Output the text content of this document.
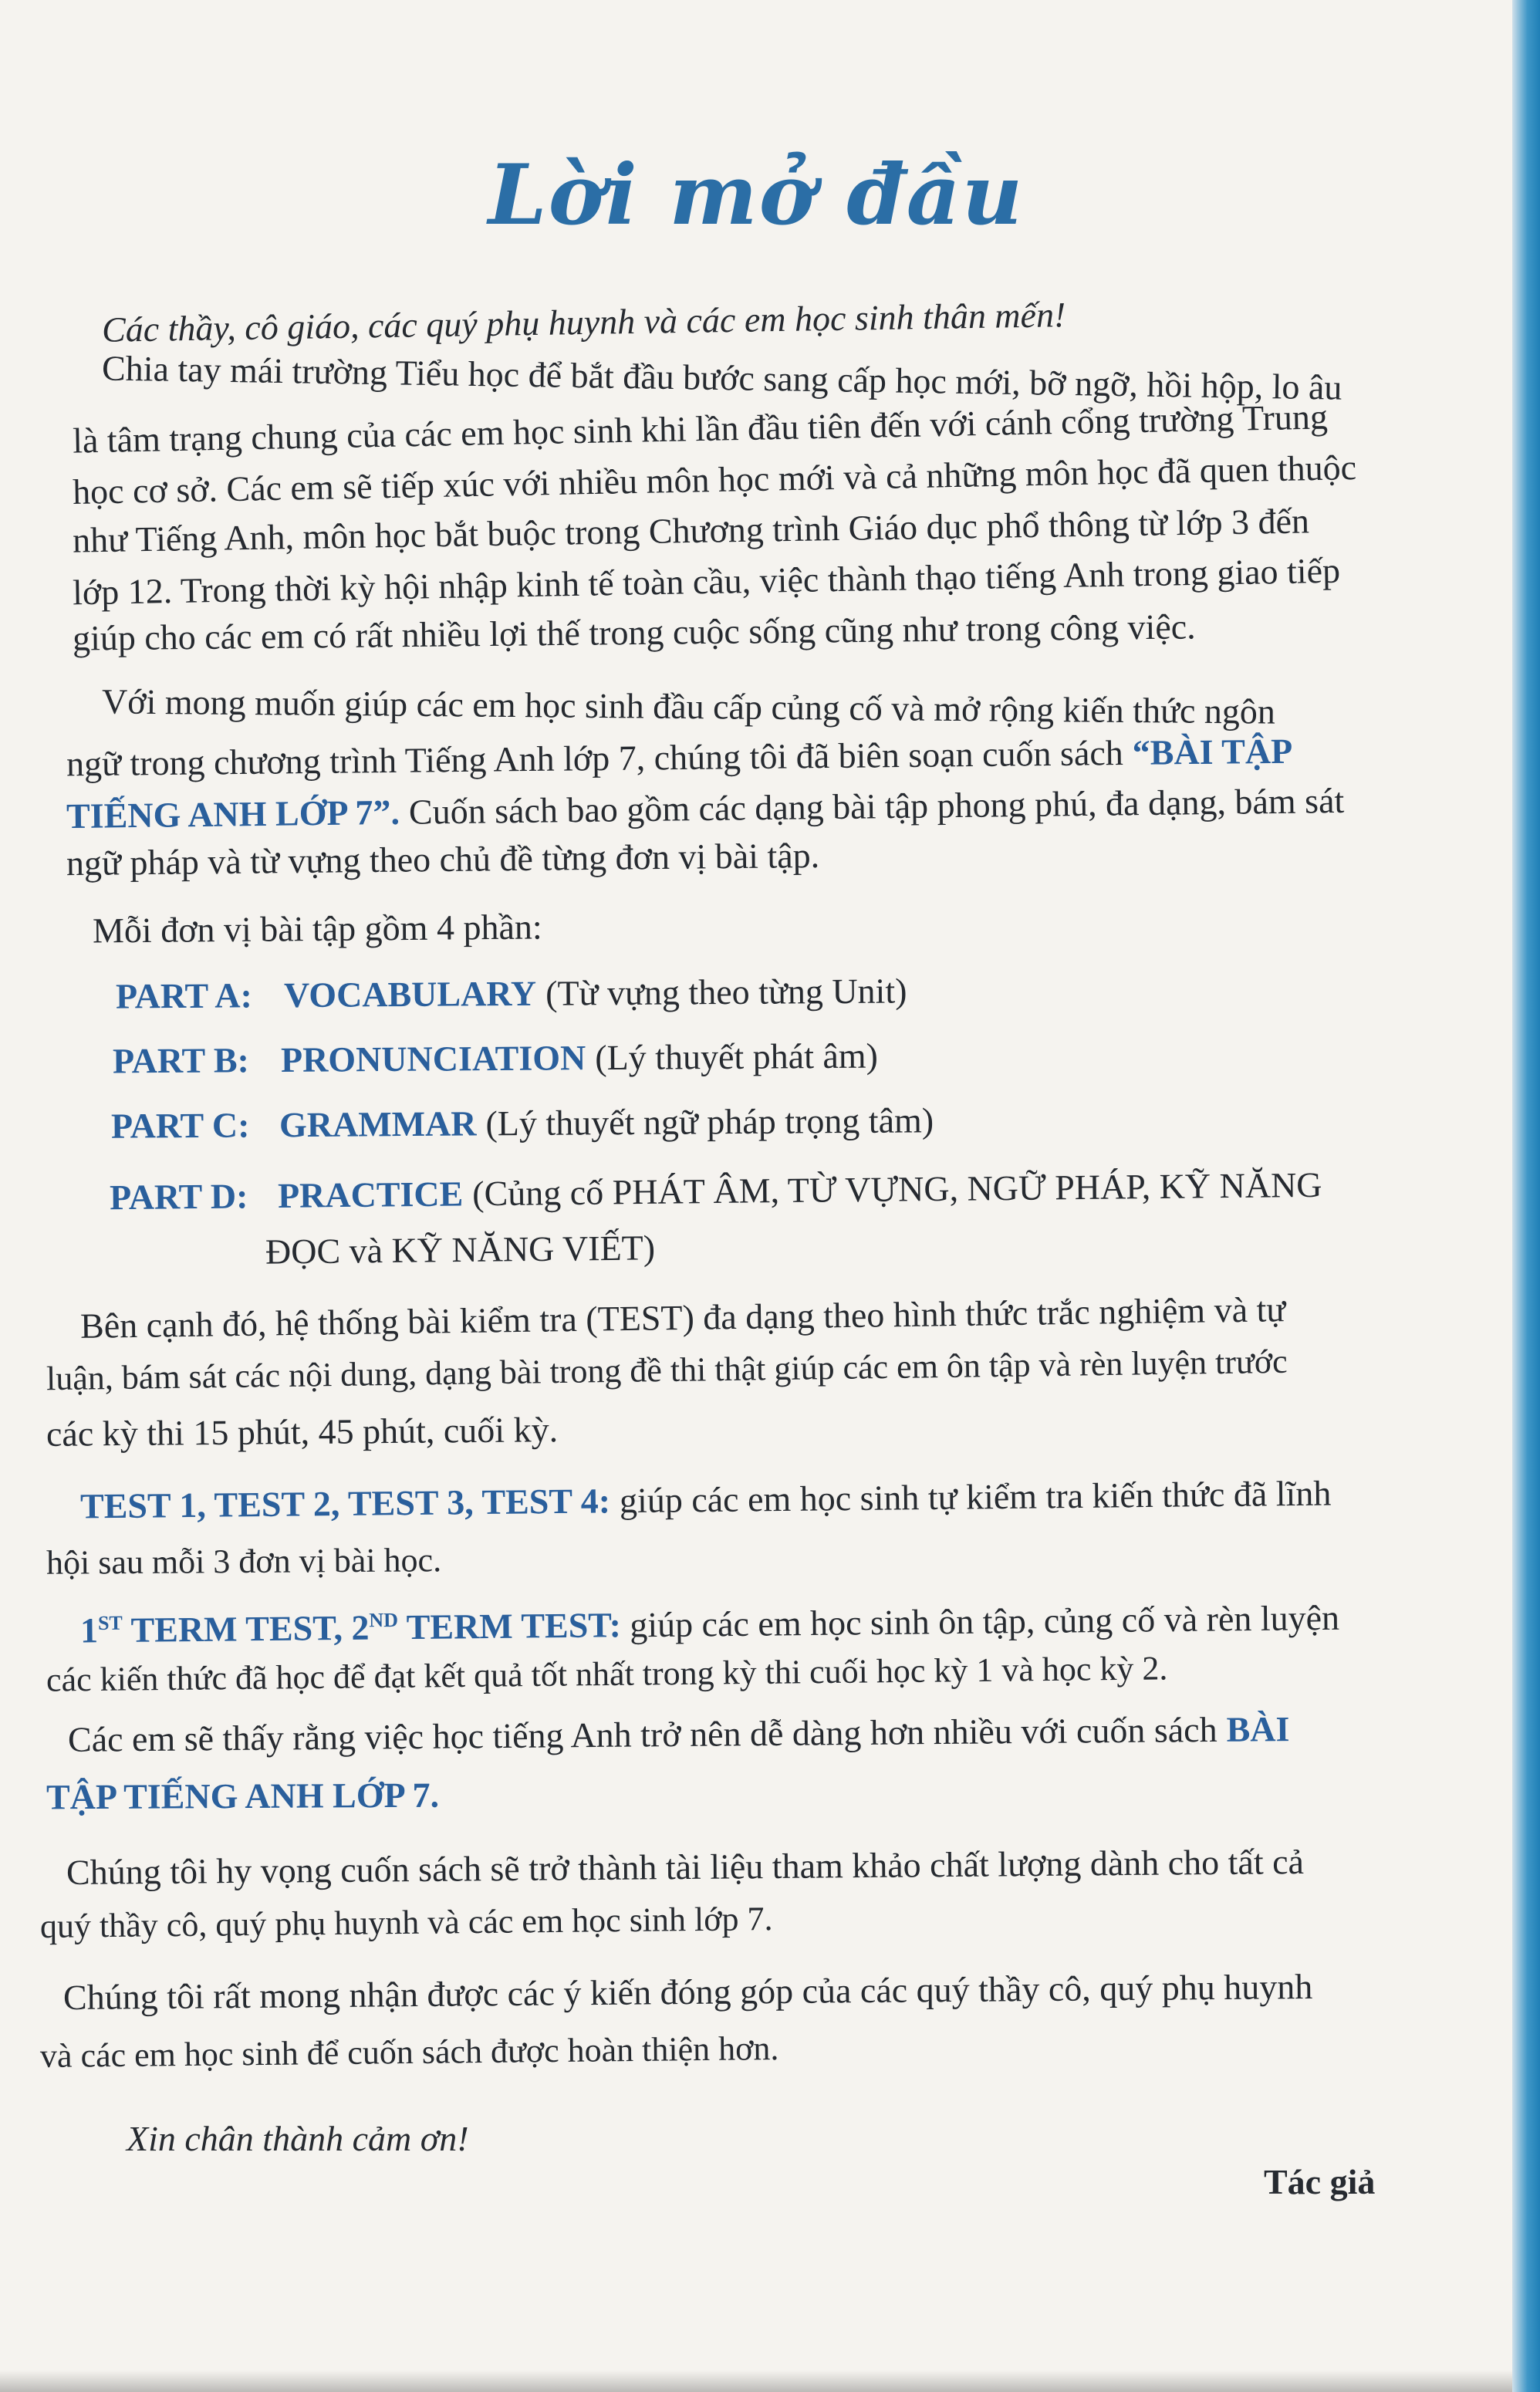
Lời mở đầu
Các thầy, cô giáo, các quý phụ huynh và các em học sinh thân mến!
Chia tay mái trường Tiểu học để bắt đầu bước sang cấp học mới, bỡ ngỡ, hồi hộp, lo âu
là tâm trạng chung của các em học sinh khi lần đầu tiên đến với cánh cổng trường Trung
học cơ sở. Các em sẽ tiếp xúc với nhiều môn học mới và cả những môn học đã quen thuộc
như Tiếng Anh, môn học bắt buộc trong Chương trình Giáo dục phổ thông từ lớp 3 đến
lớp 12. Trong thời kỳ hội nhập kinh tế toàn cầu, việc thành thạo tiếng Anh trong giao tiếp
giúp cho các em có rất nhiều lợi thế trong cuộc sống cũng như trong công việc.
Với mong muốn giúp các em học sinh đầu cấp củng cố và mở rộng kiến thức ngôn
ngữ trong chương trình Tiếng Anh lớp 7, chúng tôi đã biên soạn cuốn sách “BÀI TẬP
TIẾNG ANH LỚP 7”. Cuốn sách bao gồm các dạng bài tập phong phú, đa dạng, bám sát
ngữ pháp và từ vựng theo chủ đề từng đơn vị bài tập.
Mỗi đơn vị bài tập gồm 4 phần:
PART A: VOCABULARY (Từ vựng theo từng Unit)
PART B: PRONUNCIATION (Lý thuyết phát âm)
PART C: GRAMMAR (Lý thuyết ngữ pháp trọng tâm)
PART D: PRACTICE (Củng cố PHÁT ÂM, TỪ VỰNG, NGỮ PHÁP, KỸ NĂNG
ĐỌC và KỸ NĂNG VIẾT)
Bên cạnh đó, hệ thống bài kiểm tra (TEST) đa dạng theo hình thức trắc nghiệm và tự
luận, bám sát các nội dung, dạng bài trong đề thi thật giúp các em ôn tập và rèn luyện trước
các kỳ thi 15 phút, 45 phút, cuối kỳ.
TEST 1, TEST 2, TEST 3, TEST 4: giúp các em học sinh tự kiểm tra kiến thức đã lĩnh
hội sau mỗi 3 đơn vị bài học.
1ST TERM TEST, 2ND TERM TEST: giúp các em học sinh ôn tập, củng cố và rèn luyện
các kiến thức đã học để đạt kết quả tốt nhất trong kỳ thi cuối học kỳ 1 và học kỳ 2.
Các em sẽ thấy rằng việc học tiếng Anh trở nên dễ dàng hơn nhiều với cuốn sách BÀI
TẬP TIẾNG ANH LỚP 7.
Chúng tôi hy vọng cuốn sách sẽ trở thành tài liệu tham khảo chất lượng dành cho tất cả
quý thầy cô, quý phụ huynh và các em học sinh lớp 7.
Chúng tôi rất mong nhận được các ý kiến đóng góp của các quý thầy cô, quý phụ huynh
và các em học sinh để cuốn sách được hoàn thiện hơn.
Xin chân thành cảm ơn!
Tác giả
